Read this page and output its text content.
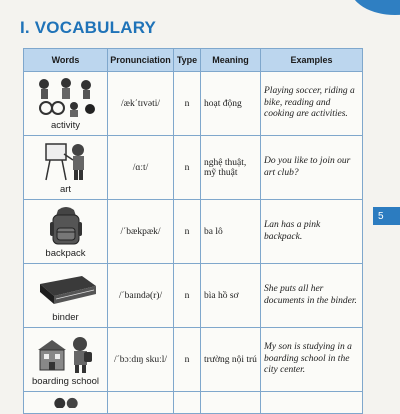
I. VOCABULARY
5
Words	Pronunciation	Type	Meaning	Examples

activity	/æk΄tɪvəti/	n	hoạt động	Playing soccer, riding a bike, reading and cooking are activities.

art	/ɑːt/	n	nghệ thuật, mỹ thuật	Do you like to join our art club?

backpack	/΄bækpæk/	n	ba lô	Lan has a pink backpack.

binder	/΄baɪndə(r)/	n	bìa hồ sơ	She puts all her documents in the binder.

boarding school	/΄bɔːdɪŋ skuːl/	n	trường nội trú	My son is studying in a boarding school in the city center.
